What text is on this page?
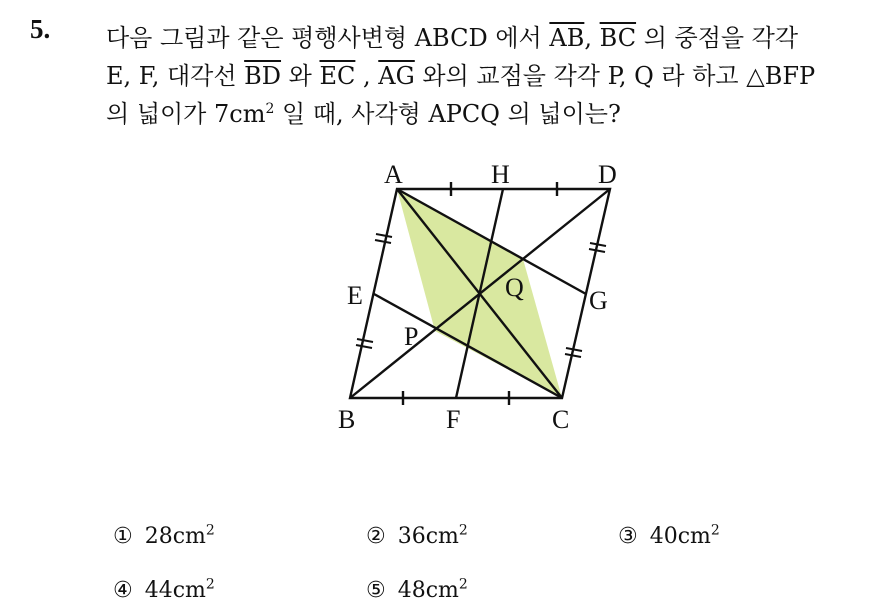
5. 다음 그림과 같은 평행사변형 ABCD 에서 $\overline{AB}$, $\overline{BC}$ 의 중점을 각각
E, F, 대각선 $\overline{BD}$ 와 $\overline{EC}$ , $\overline{AG}$ 와의 교점을 각각 P, Q 라 하고 △BFP
의 넓이가 $7cm^2$ 일 때, 사각형 APCQ 의 넓이는?
A	H	D
E	Q	G
P
B	F	C
① $28cm^2$	② $36cm^2$	③ $40cm^2$
④ $44cm^2$	⑤ $48cm^2$
